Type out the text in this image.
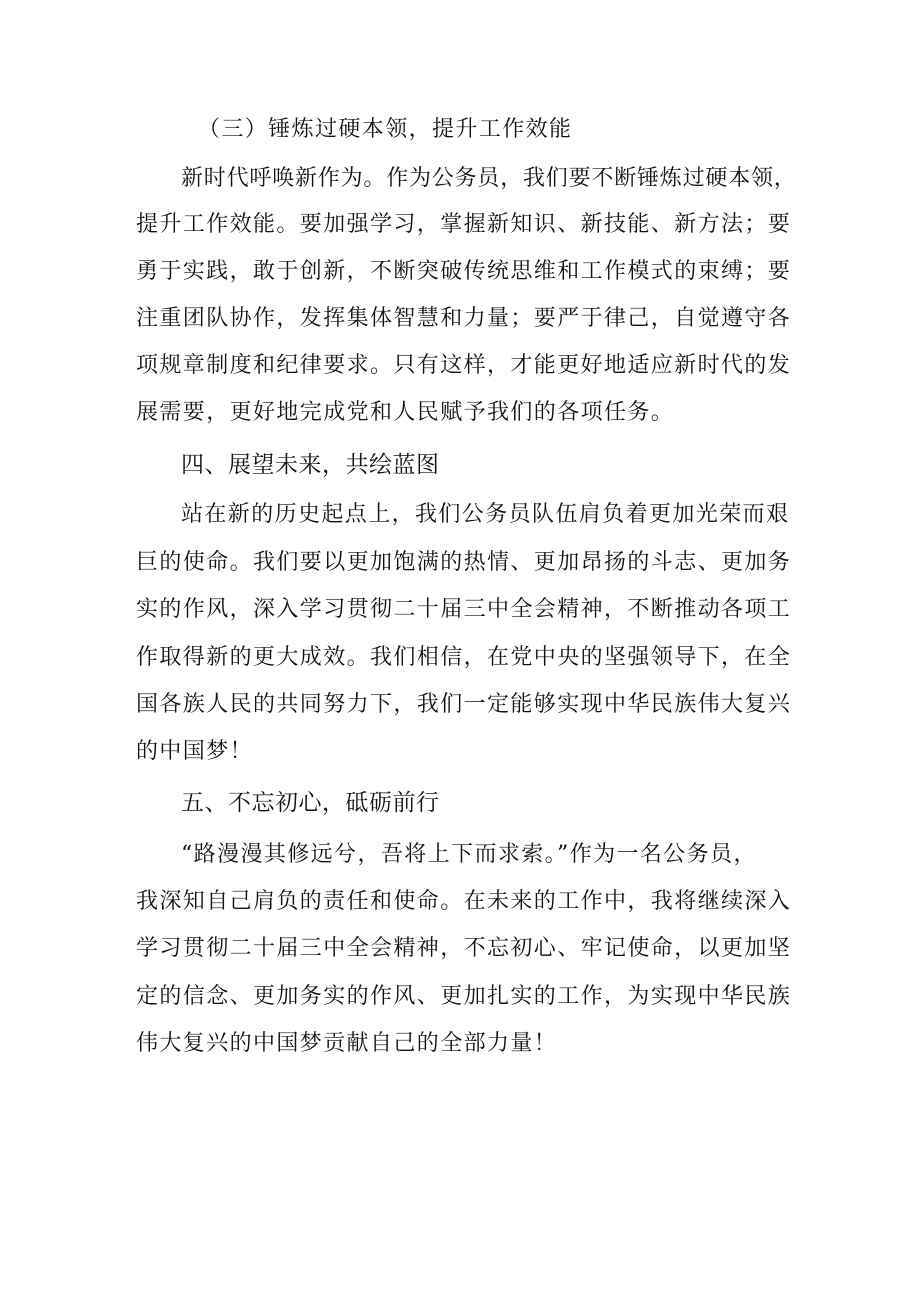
（三）锤炼过硬本领，提升工作效能
新时代呼唤新作为。作为公务员，我们要不断锤炼过硬本领，
提升工作效能。要加强学习，掌握新知识、新技能、新方法；要
勇于实践，敢于创新，不断突破传统思维和工作模式的束缚；要
注重团队协作，发挥集体智慧和力量；要严于律己，自觉遵守各
项规章制度和纪律要求。只有这样，才能更好地适应新时代的发
展需要，更好地完成党和人民赋予我们的各项任务。
四、展望未来，共绘蓝图
站在新的历史起点上，我们公务员队伍肩负着更加光荣而艰
巨的使命。我们要以更加饱满的热情、更加昂扬的斗志、更加务
实的作风，深入学习贯彻二十届三中全会精神，不断推动各项工
作取得新的更大成效。我们相信，在党中央的坚强领导下，在全
国各族人民的共同努力下，我们一定能够实现中华民族伟大复兴
的中国梦！
五、不忘初心，砥砺前行
“路漫漫其修远兮，吾将上下而求索。”作为一名公务员，
我深知自己肩负的责任和使命。在未来的工作中，我将继续深入
学习贯彻二十届三中全会精神，不忘初心、牢记使命，以更加坚
定的信念、更加务实的作风、更加扎实的工作，为实现中华民族
伟大复兴的中国梦贡献自己的全部力量！
